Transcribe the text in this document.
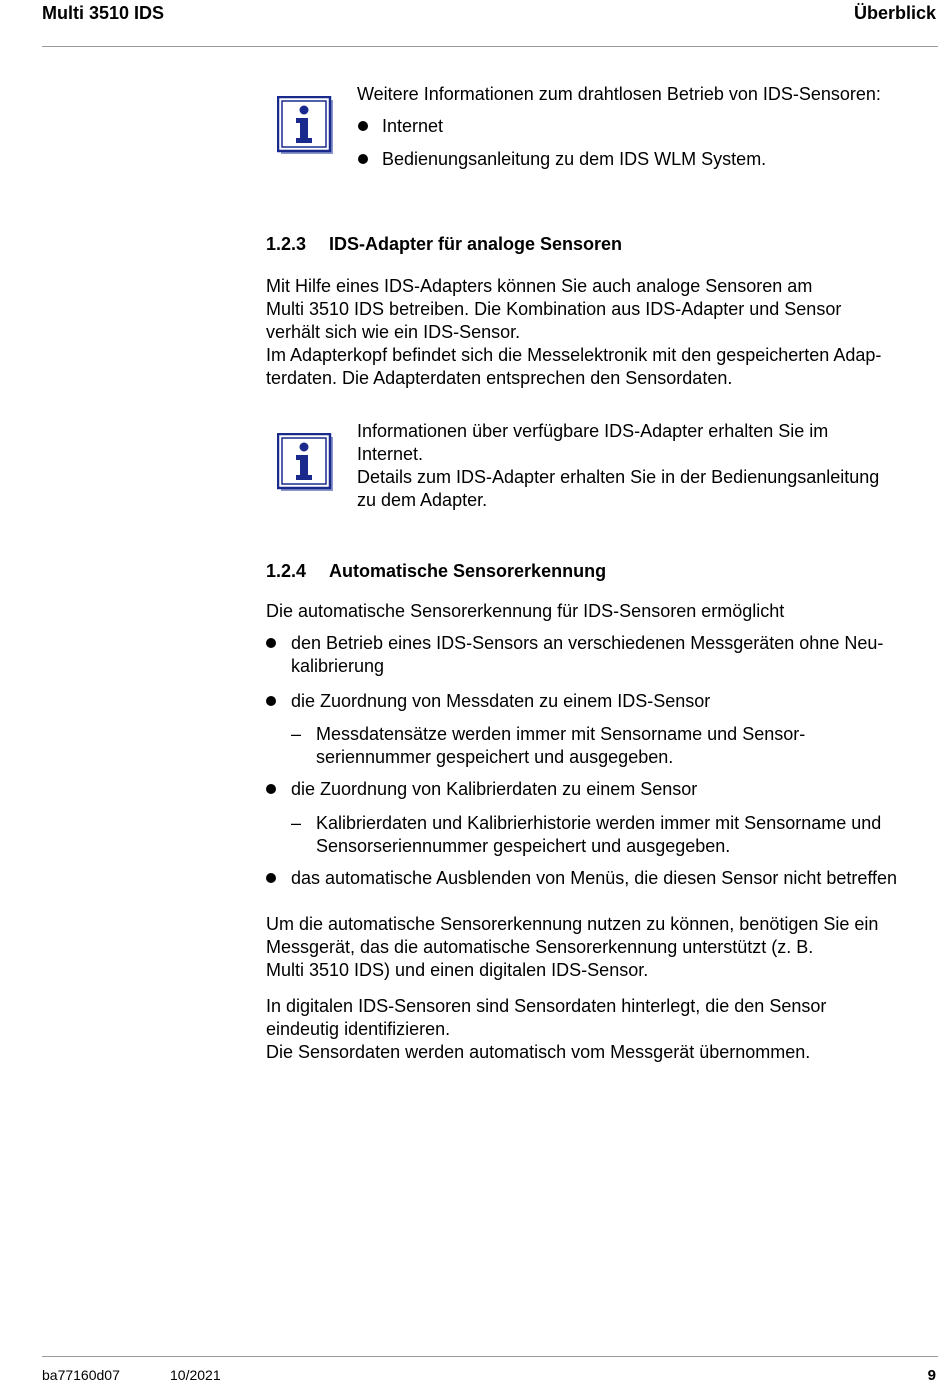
Multi 3510 IDS	Überblick
Weitere Informationen zum drahtlosen Betrieb von IDS-Sensoren:
Internet
Bedienungsanleitung zu dem IDS WLM System.
1.2.3 IDS-Adapter für analoge Sensoren
Mit Hilfe eines IDS-Adapters können Sie auch analoge Sensoren am
Multi 3510 IDS betreiben. Die Kombination aus IDS-Adapter und Sensor
verhält sich wie ein IDS-Sensor.
Im Adapterkopf befindet sich die Messelektronik mit den gespeicherten Adap-
terdaten. Die Adapterdaten entsprechen den Sensordaten.
Informationen über verfügbare IDS-Adapter erhalten Sie im
Internet.
Details zum IDS-Adapter erhalten Sie in der Bedienungsanleitung
zu dem Adapter.
1.2.4 Automatische Sensorerkennung
Die automatische Sensorerkennung für IDS-Sensoren ermöglicht
den Betrieb eines IDS-Sensors an verschiedenen Messgeräten ohne Neu-
kalibrierung
die Zuordnung von Messdaten zu einem IDS-Sensor
– Messdatensätze werden immer mit Sensorname und Sensor-
seriennummer gespeichert und ausgegeben.
die Zuordnung von Kalibrierdaten zu einem Sensor
– Kalibrierdaten und Kalibrierhistorie werden immer mit Sensorname und
Sensorseriennummer gespeichert und ausgegeben.
das automatische Ausblenden von Menüs, die diesen Sensor nicht betreffen
Um die automatische Sensorerkennung nutzen zu können, benötigen Sie ein
Messgerät, das die automatische Sensorerkennung unterstützt (z. B.
Multi 3510 IDS) und einen digitalen IDS-Sensor.
In digitalen IDS-Sensoren sind Sensordaten hinterlegt, die den Sensor
eindeutig identifizieren.
Die Sensordaten werden automatisch vom Messgerät übernommen.
ba77160d07	10/2021	9
